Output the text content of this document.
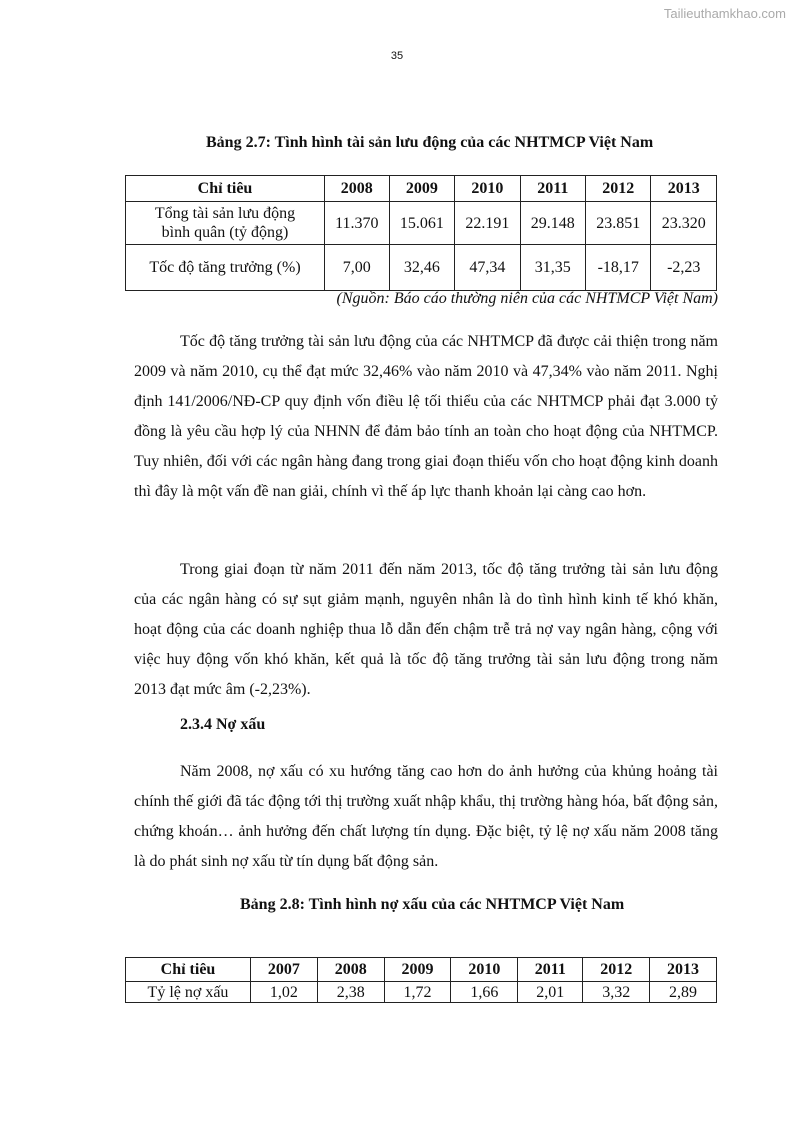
Tailieuthamkhao.com
35
Bảng 2.7: Tình hình tài sản lưu động của các NHTMCP Việt Nam
Chỉ tiêu	2008	2009	2010	2011	2012	2013
Tổng tài sản lưu động bình quân (tỷ động)	11.370	15.061	22.191	29.148	23.851	23.320
Tốc độ tăng trưởng (%)	7,00	32,46	47,34	31,35	-18,17	-2,23
(Nguồn: Báo cáo thường niên của các NHTMCP Việt Nam)

Tốc độ tăng trưởng tài sản lưu động của các NHTMCP đã được cải thiện trong năm 2009 và năm 2010, cụ thể đạt mức 32,46% vào năm 2010 và 47,34% vào năm 2011. Nghị định 141/2006/NĐ-CP quy định vốn điều lệ tối thiểu của các NHTMCP phải đạt 3.000 tỷ đồng là yêu cầu hợp lý của NHNN để đảm bảo tính an toàn cho hoạt động của NHTMCP. Tuy nhiên, đối với các ngân hàng đang trong giai đoạn thiếu vốn cho hoạt động kinh doanh thì đây là một vấn đề nan giải, chính vì thế áp lực thanh khoản lại càng cao hơn.

Trong giai đoạn từ năm 2011 đến năm 2013, tốc độ tăng trưởng tài sản lưu động của các ngân hàng có sự sụt giảm mạnh, nguyên nhân là do tình hình kinh tế khó khăn, hoạt động của các doanh nghiệp thua lỗ dẫn đến chậm trễ trả nợ vay ngân hàng, cộng với việc huy động vốn khó khăn, kết quả là tốc độ tăng trưởng tài sản lưu động trong năm 2013 đạt mức âm (-2,23%).

2.3.4 Nợ xấu

Năm 2008, nợ xấu có xu hướng tăng cao hơn do ảnh hưởng của khủng hoảng tài chính thế giới đã tác động tới thị trường xuất nhập khẩu, thị trường hàng hóa, bất động sản, chứng khoán… ảnh hưởng đến chất lượng tín dụng. Đặc biệt, tỷ lệ nợ xấu năm 2008 tăng là do phát sinh nợ xấu từ tín dụng bất động sản.

Bảng 2.8: Tình hình nợ xấu của các NHTMCP Việt Nam
Chỉ tiêu	2007	2008	2009	2010	2011	2012	2013
Tỷ lệ nợ xấu	1,02	2,38	1,72	1,66	2,01	3,32	2,89
